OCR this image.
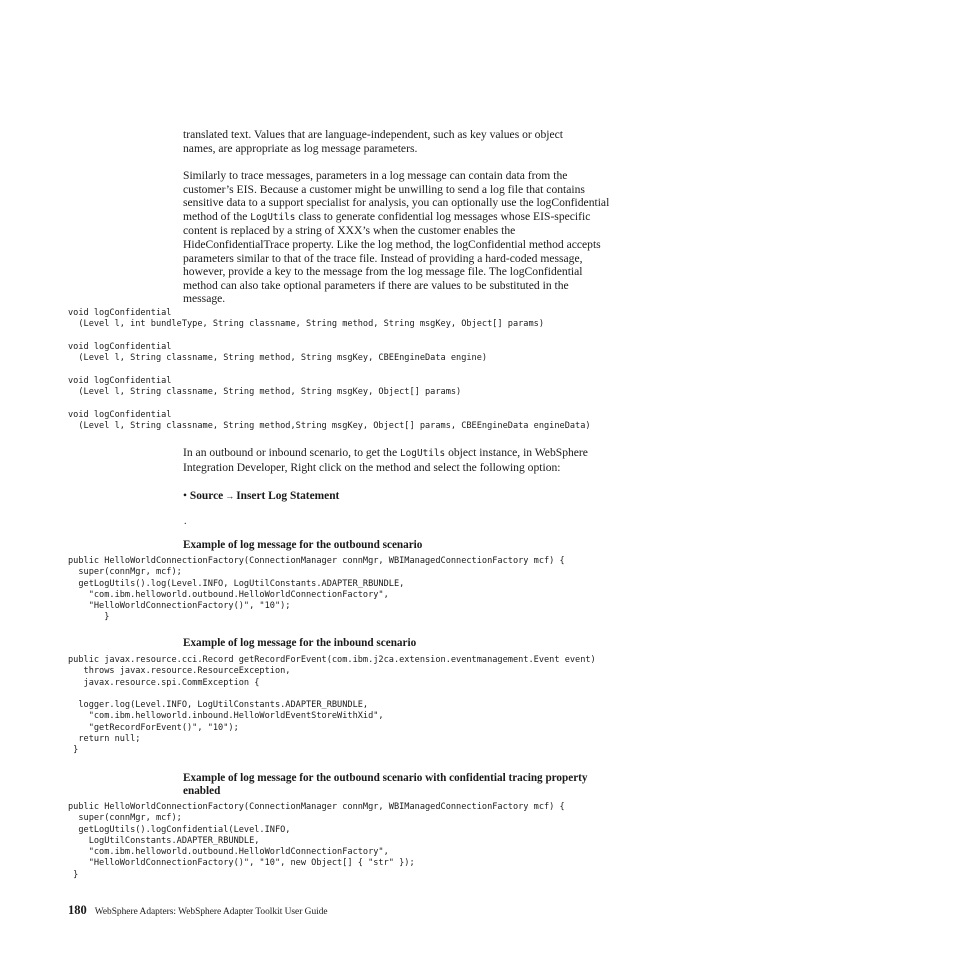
translated text. Values that are language-independent, such as key values or object

names, are appropriate as log message parameters.

Similarly to trace messages, parameters in a log message can contain data from the customer’s EIS. Because a customer might be unwilling to send a log file that contains sensitive data to a support specialist for analysis, you can optionally use the logConfidential method of the LogUtils class to generate confidential log messages whose EIS-specific content is replaced by a string of XXX’s when the customer enables the HideConfidentialTrace property. Like the log method, the logConfidential method accepts parameters similar to that of the trace file. Instead of providing a hard-coded message, however, provide a key to the message from the log message file. The logConfidential method can also take optional parameters if there are values to be substituted in the message.

void logConfidential
(Level l, int bundleType, String classname, String method, String msgKey, Object[] params)

void logConfidential
(Level l, String classname, String method, String msgKey, CBEEngineData engine)

void logConfidential
(Level l, String classname, String method, String msgKey, Object[] params)

void logConfidential
(Level l, String classname, String method,String msgKey, Object[] params, CBEEngineData engineData)

In an outbound or inbound scenario, to get the LogUtils object instance, in WebSphere Integration Developer, Right click on the method and select the following option:

• Source → Insert Log Statement
.
Example of log message for the outbound scenario
public HelloWorldConnectionFactory(ConnectionManager connMgr, WBIManagedConnectionFactory mcf) {
super(connMgr, mcf);
getLogUtils().log(Level.INFO, LogUtilConstants.ADAPTER_RBUNDLE,
"com.ibm.helloworld.outbound.HelloWorldConnectionFactory",
"HelloWorldConnectionFactory()", "10");
}
Example of log message for the inbound scenario
public javax.resource.cci.Record getRecordForEvent(com.ibm.j2ca.extension.eventmanagement.Event event)
throws javax.resource.ResourceException,
javax.resource.spi.CommException {

logger.log(Level.INFO, LogUtilConstants.ADAPTER_RBUNDLE,
"com.ibm.helloworld.inbound.HelloWorldEventStoreWithXid",
"getRecordForEvent()", "10");
return null;
}
Example of log message for the outbound scenario with confidential tracing property enabled
public HelloWorldConnectionFactory(ConnectionManager connMgr, WBIManagedConnectionFactory mcf) {
super(connMgr, mcf);
getLogUtils().logConfidential(Level.INFO,
LogUtilConstants.ADAPTER_RBUNDLE,
"com.ibm.helloworld.outbound.HelloWorldConnectionFactory",
"HelloWorldConnectionFactory()", "10", new Object[] { "str" });
}
180 WebSphere Adapters: WebSphere Adapter Toolkit User Guide
